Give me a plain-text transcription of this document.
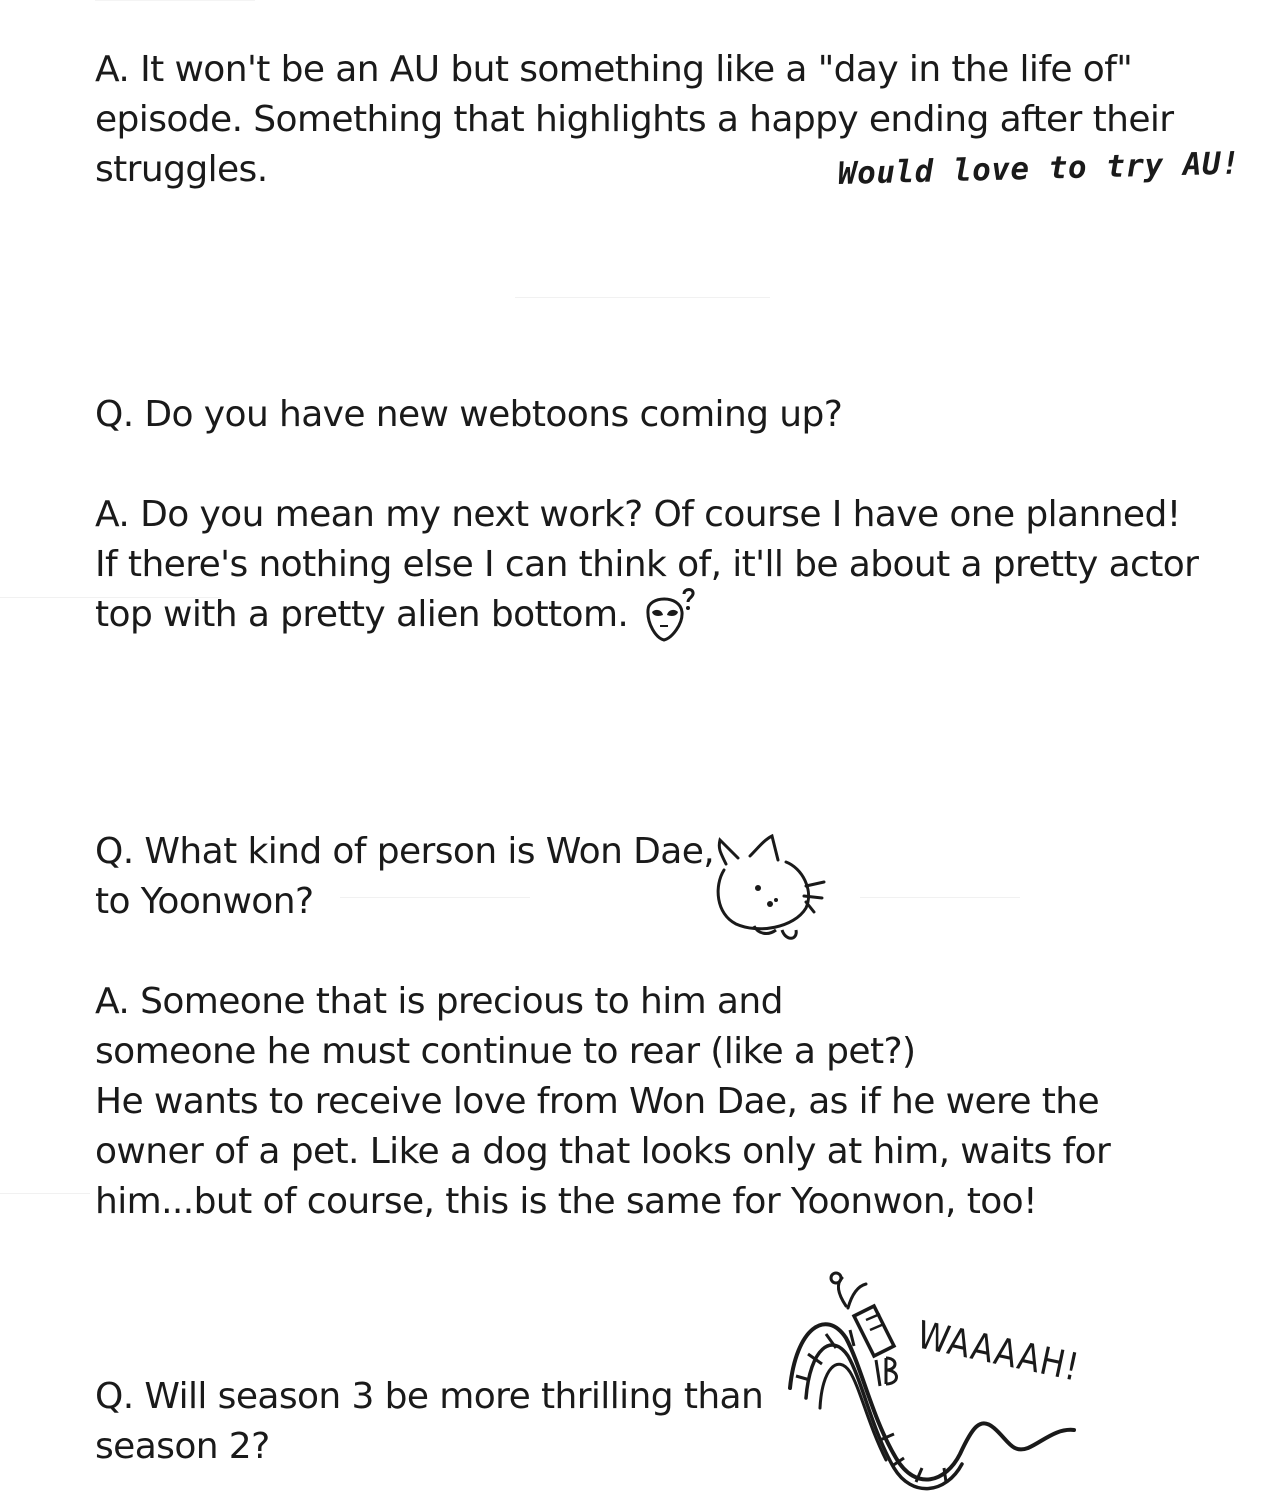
A. It won't be an AU but something like a "day in the life of"
episode. Something that highlights a happy ending after their
struggles.	Would love to try AU!
Q. Do you have new webtoons coming up?
A. Do you mean my next work? Of course I have one planned!
If there's nothing else I can think of, it'll be about a pretty actor
top with a pretty alien bottom.
Q. What kind of person is Won Dae,
to Yoonwon?
A. Someone that is precious to him and
someone he must continue to rear (like a pet?)
He wants to receive love from Won Dae, as if he were the
owner of a pet. Like a dog that looks only at him, waits for
him...but of course, this is the same for Yoonwon, too!
Q. Will season 3 be more thrilling than
season 2?
WAAAAH!
